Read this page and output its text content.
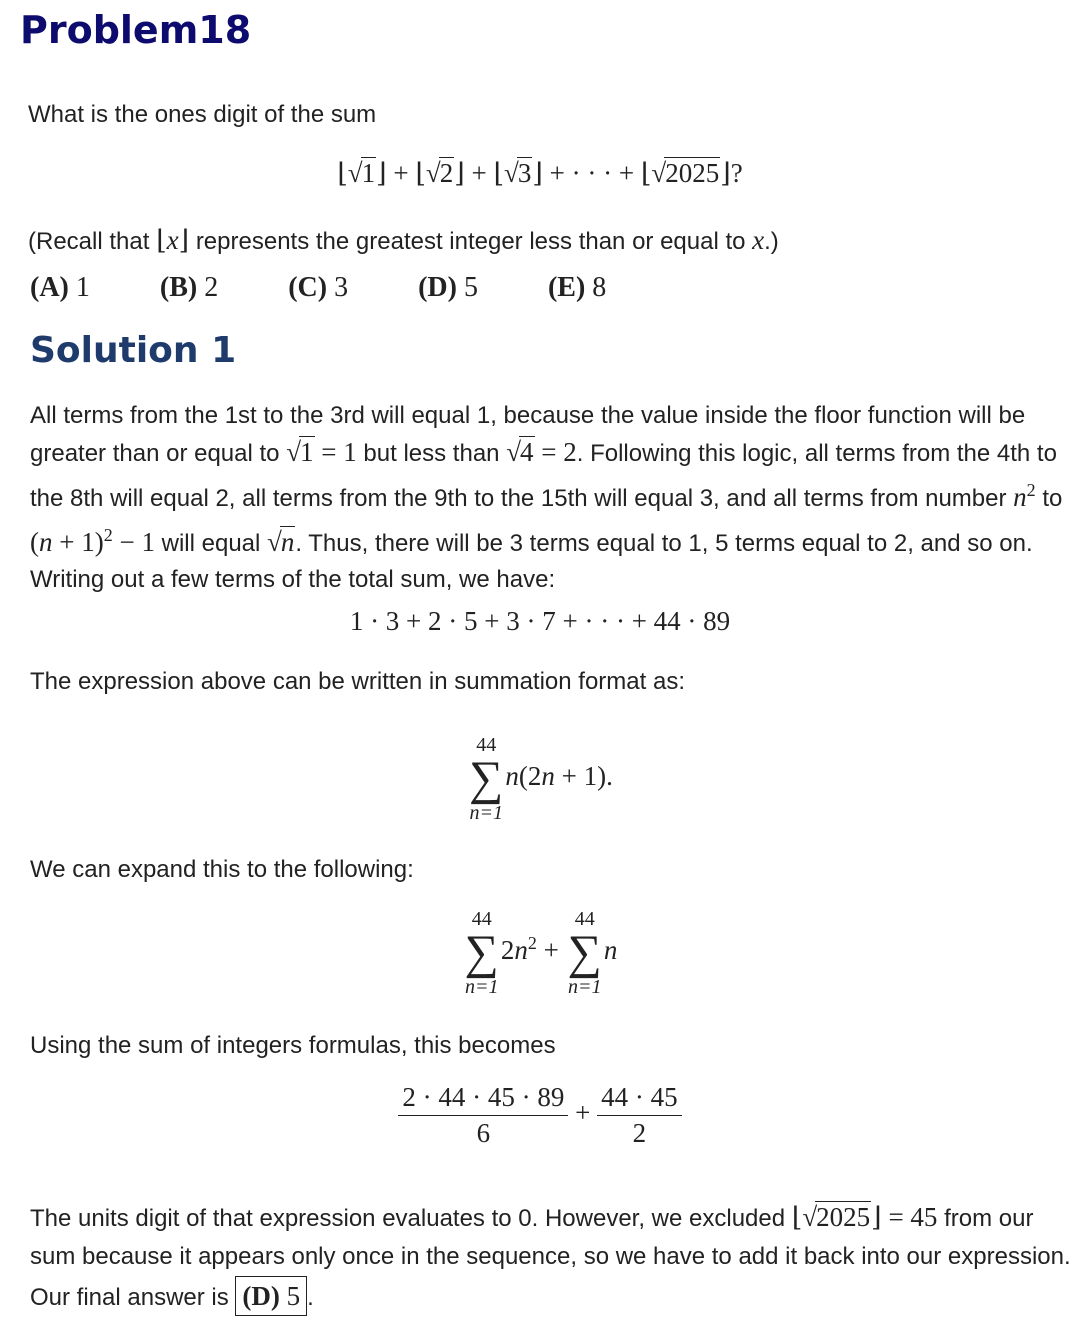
Problem18
What is the ones digit of the sum
⌊√1⌋ + ⌊√2⌋ + ⌊√3⌋ + · · · + ⌊√2025⌋?
(Recall that ⌊x⌋ represents the greatest integer less than or equal to x.)
(A) 1	(B) 2	(C) 3	(D) 5	(E) 8
Solution 1
All terms from the 1st to the 3rd will equal 1, because the value inside the floor function will be greater than or equal to √1 = 1 but less than √4 = 2. Following this logic, all terms from the 4th to the 8th will equal 2, all terms from the 9th to the 15th will equal 3, and all terms from number $n^2$ to $(n + 1)^2 - 1$ will equal √n. Thus, there will be 3 terms equal to 1, 5 terms equal to 2, and so on. Writing out a few terms of the total sum, we have:
1 · 3 + 2 · 5 + 3 · 7 + · · · + 44 · 89
The expression above can be written in summation format as:
44
∑
n=1
n(2n + 1).
We can expand this to the following:
44
∑
n=1
$2n^2$ +
44
∑
n=1
n
Using the sum of integers formulas, this becomes
$\frac{2 \cdot 44 \cdot 45 \cdot 89}{6} + \frac{44 \cdot 45}{2}$
The units digit of that expression evaluates to 0. However, we excluded ⌊√2025⌋ = 45 from our sum because it appears only once in the sequence, so we have to add it back into our expression. Our final answer is (D) 5 .
